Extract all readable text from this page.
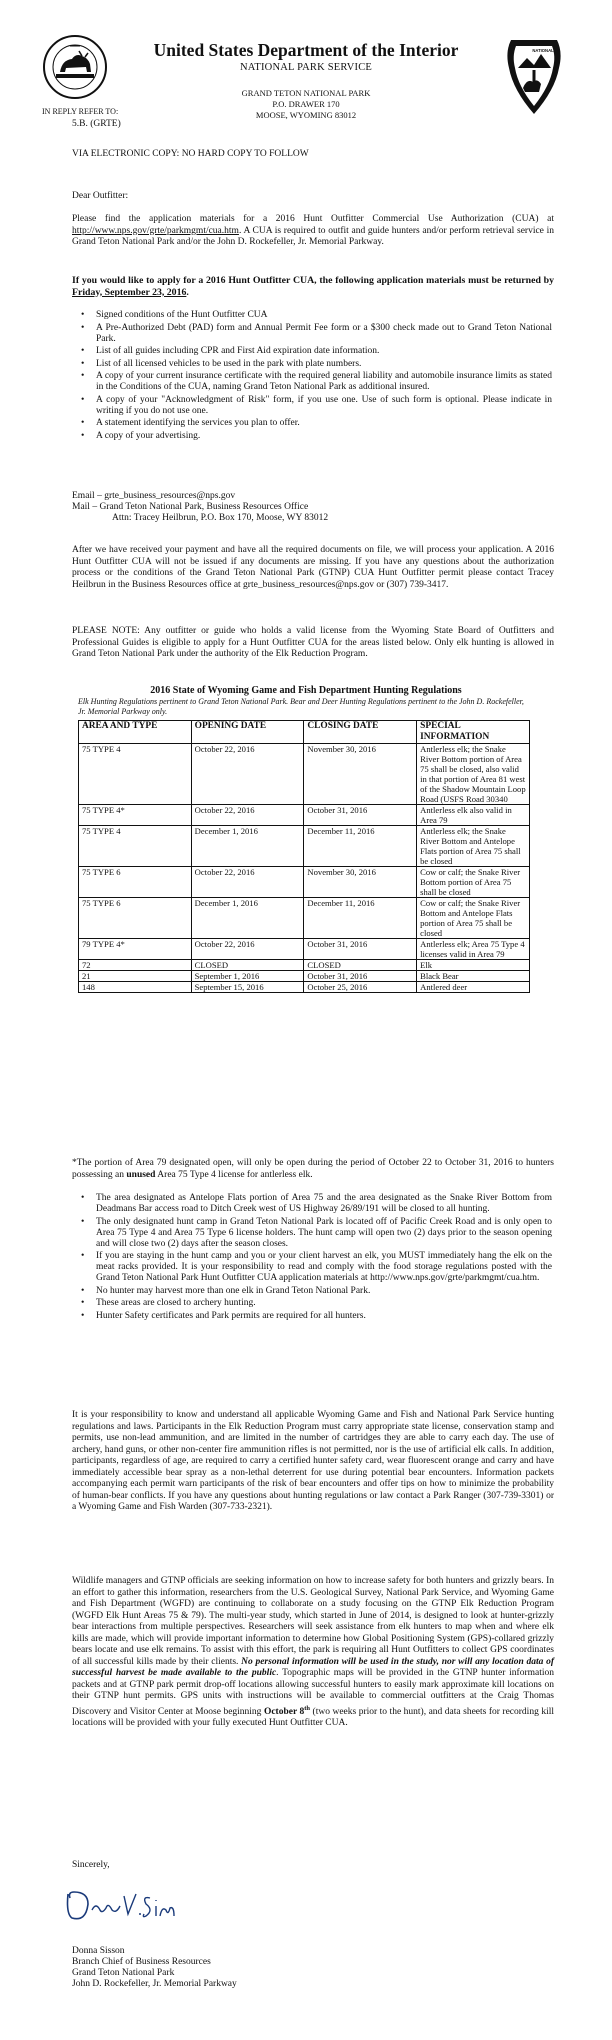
United States Department of the Interior
NATIONAL PARK SERVICE
GRAND TETON NATIONAL PARK
P.O. DRAWER 170
MOOSE, WYOMING 83012
NATIONAL
IN REPLY REFER TO:
5.B. (GRTE)
VIA ELECTRONIC COPY: NO HARD COPY TO FOLLOW
Dear Outfitter:
Please find the application materials for a 2016 Hunt Outfitter Commercial Use Authorization (CUA) at http://www.nps.gov/grte/parkmgmt/cua.htm. A CUA is required to outfit and guide hunters and/or perform retrieval service in Grand Teton National Park and/or the John D. Rockefeller, Jr. Memorial Parkway.
If you would like to apply for a 2016 Hunt Outfitter CUA, the following application materials must be returned by Friday, September 23, 2016.
• Signed conditions of the Hunt Outfitter CUA
• A Pre-Authorized Debt (PAD) form and Annual Permit Fee form or a $300 check made out to Grand Teton National Park.
• List of all guides including CPR and First Aid expiration date information.
• List of all licensed vehicles to be used in the park with plate numbers.
• A copy of your current insurance certificate with the required general liability and automobile insurance limits as stated in the Conditions of the CUA, naming Grand Teton National Park as additional insured.
• A copy of your "Acknowledgment of Risk" form, if you use one. Use of such form is optional. Please indicate in writing if you do not use one.
• A statement identifying the services you plan to offer.
• A copy of your advertising.
Email – grte_business_resources@nps.gov
Mail – Grand Teton National Park, Business Resources Office
Attn: Tracey Heilbrun, P.O. Box 170, Moose, WY 83012
After we have received your payment and have all the required documents on file, we will process your application. A 2016 Hunt Outfitter CUA will not be issued if any documents are missing. If you have any questions about the authorization process or the conditions of the Grand Teton National Park (GTNP) CUA Hunt Outfitter permit please contact Tracey Heilbrun in the Business Resources office at grte_business_resources@nps.gov or (307) 739-3417.
PLEASE NOTE: Any outfitter or guide who holds a valid license from the Wyoming State Board of Outfitters and Professional Guides is eligible to apply for a Hunt Outfitter CUA for the areas listed below. Only elk hunting is allowed in Grand Teton National Park under the authority of the Elk Reduction Program.
2016 State of Wyoming Game and Fish Department Hunting Regulations
Elk Hunting Regulations pertinent to Grand Teton National Park. Bear and Deer Hunting Regulations pertinent to the John D. Rockefeller, Jr. Memorial Parkway only.
AREA AND TYPE	OPENING DATE	CLOSING DATE	SPECIAL INFORMATION
75 TYPE 4	October 22, 2016	November 30, 2016	Antlerless elk; the Snake River Bottom portion of Area 75 shall be closed, also valid in that portion of Area 81 west of the Shadow Mountain Loop Road (USFS Road 30340
75 TYPE 4*	October 22, 2016	October 31, 2016	Antlerless elk also valid in Area 79
75 TYPE 4	December 1, 2016	December 11, 2016	Antlerless elk; the Snake River Bottom and Antelope Flats portion of Area 75 shall be closed
75 TYPE 6	October 22, 2016	November 30, 2016	Cow or calf; the Snake River Bottom portion of Area 75 shall be closed
75 TYPE 6	December 1, 2016	December 11, 2016	Cow or calf; the Snake River Bottom and Antelope Flats portion of Area 75 shall be closed
79 TYPE 4*	October 22, 2016	October 31, 2016	Antlerless elk; Area 75 Type 4 licenses valid in Area 79
72	CLOSED	CLOSED	Elk
21	September 1, 2016	October 31, 2016	Black Bear
148	September 15, 2016	October 25, 2016	Antlered deer
*The portion of Area 79 designated open, will only be open during the period of October 22 to October 31, 2016 to hunters possessing an unused Area 75 Type 4 license for antlerless elk.
• The area designated as Antelope Flats portion of Area 75 and the area designated as the Snake River Bottom from Deadmans Bar access road to Ditch Creek west of US Highway 26/89/191 will be closed to all hunting.
• The only designated hunt camp in Grand Teton National Park is located off of Pacific Creek Road and is only open to Area 75 Type 4 and Area 75 Type 6 license holders. The hunt camp will open two (2) days prior to the season opening and will close two (2) days after the season closes.
• If you are staying in the hunt camp and you or your client harvest an elk, you MUST immediately hang the elk on the meat racks provided. It is your responsibility to read and comply with the food storage regulations posted with the Grand Teton National Park Hunt Outfitter CUA application materials at http://www.nps.gov/grte/parkmgmt/cua.htm.
• No hunter may harvest more than one elk in Grand Teton National Park.
• These areas are closed to archery hunting.
• Hunter Safety certificates and Park permits are required for all hunters.
It is your responsibility to know and understand all applicable Wyoming Game and Fish and National Park Service hunting regulations and laws. Participants in the Elk Reduction Program must carry appropriate state license, conservation stamp and permits, use non-lead ammunition, and are limited in the number of cartridges they are able to carry each day. The use of archery, hand guns, or other non-center fire ammunition rifles is not permitted, nor is the use of artificial elk calls. In addition, participants, regardless of age, are required to carry a certified hunter safety card, wear fluorescent orange and carry and have immediately accessible bear spray as a non-lethal deterrent for use during potential bear encounters. Information packets accompanying each permit warn participants of the risk of bear encounters and offer tips on how to minimize the probability of human-bear conflicts. If you have any questions about hunting regulations or law contact a Park Ranger (307-739-3301) or a Wyoming Game and Fish Warden (307-733-2321).
Wildlife managers and GTNP officials are seeking information on how to increase safety for both hunters and grizzly bears. In an effort to gather this information, researchers from the U.S. Geological Survey, National Park Service, and Wyoming Game and Fish Department (WGFD) are continuing to collaborate on a study focusing on the GTNP Elk Reduction Program (WGFD Elk Hunt Areas 75 & 79). The multi-year study, which started in June of 2014, is designed to look at hunter-grizzly bear interactions from multiple perspectives. Researchers will seek assistance from elk hunters to map when and where elk kills are made, which will provide important information to determine how Global Positioning System (GPS)-collared grizzly bears locate and use elk remains. To assist with this effort, the park is requiring all Hunt Outfitters to collect GPS coordinates of all successful kills made by their clients. No personal information will be used in the study, nor will any location data of successful harvest be made available to the public. Topographic maps will be provided in the GTNP hunter information packets and at GTNP park permit drop-off locations allowing successful hunters to easily mark approximate kill locations on their GTNP hunt permits. GPS units with instructions will be available to commercial outfitters at the Craig Thomas Discovery and Visitor Center at Moose beginning October 8th (two weeks prior to the hunt), and data sheets for recording kill locations will be provided with your fully executed Hunt Outfitter CUA.
Sincerely,
Donna Sisson
Branch Chief of Business Resources
Grand Teton National Park
John D. Rockefeller, Jr. Memorial Parkway
